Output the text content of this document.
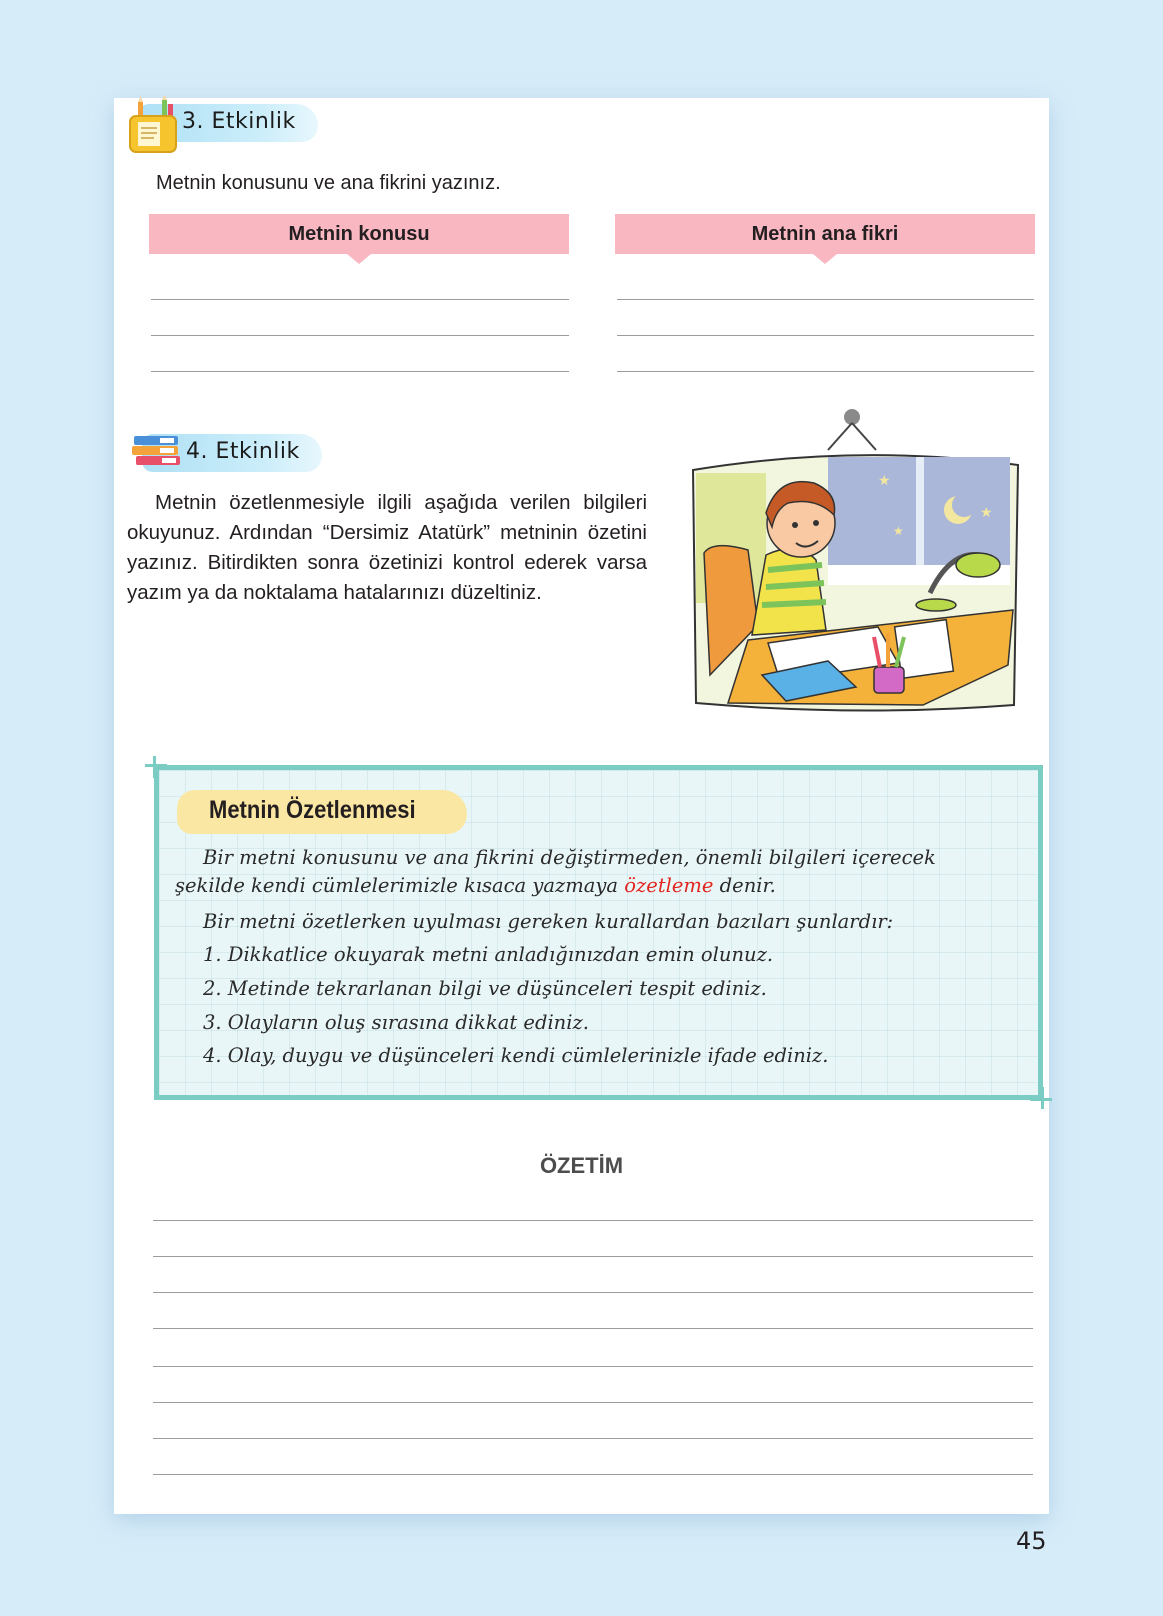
3. Etkinlik
Metnin konusunu ve ana fikrini yazınız.
Metnin konusu	Metnin ana fikri
4. Etkinlik
Metnin özetlenmesiyle ilgili aşağıda verilen bilgileri okuyunuz. Ardından “Dersimiz Atatürk” metninin özetini yazınız. Bitirdikten sonra özetinizi kontrol ederek varsa yazım ya da noktalama hatalarınızı düzeltiniz.
★
★
★
Metnin Özetlenmesi
Bir metni konusunu ve ana fikrini değiştirmeden, önemli bilgileri içerecek şekilde kendi cümlelerimizle kısaca yazmaya özetleme denir.
Bir metni özetlerken uyulması gereken kurallardan bazıları şunlardır:
1. Dikkatlice okuyarak metni anladığınızdan emin olunuz.
2. Metinde tekrarlanan bilgi ve düşünceleri tespit ediniz.
3. Olayların oluş sırasına dikkat ediniz.
4. Olay, duygu ve düşünceleri kendi cümlelerinizle ifade ediniz.
ÖZETİM
45
